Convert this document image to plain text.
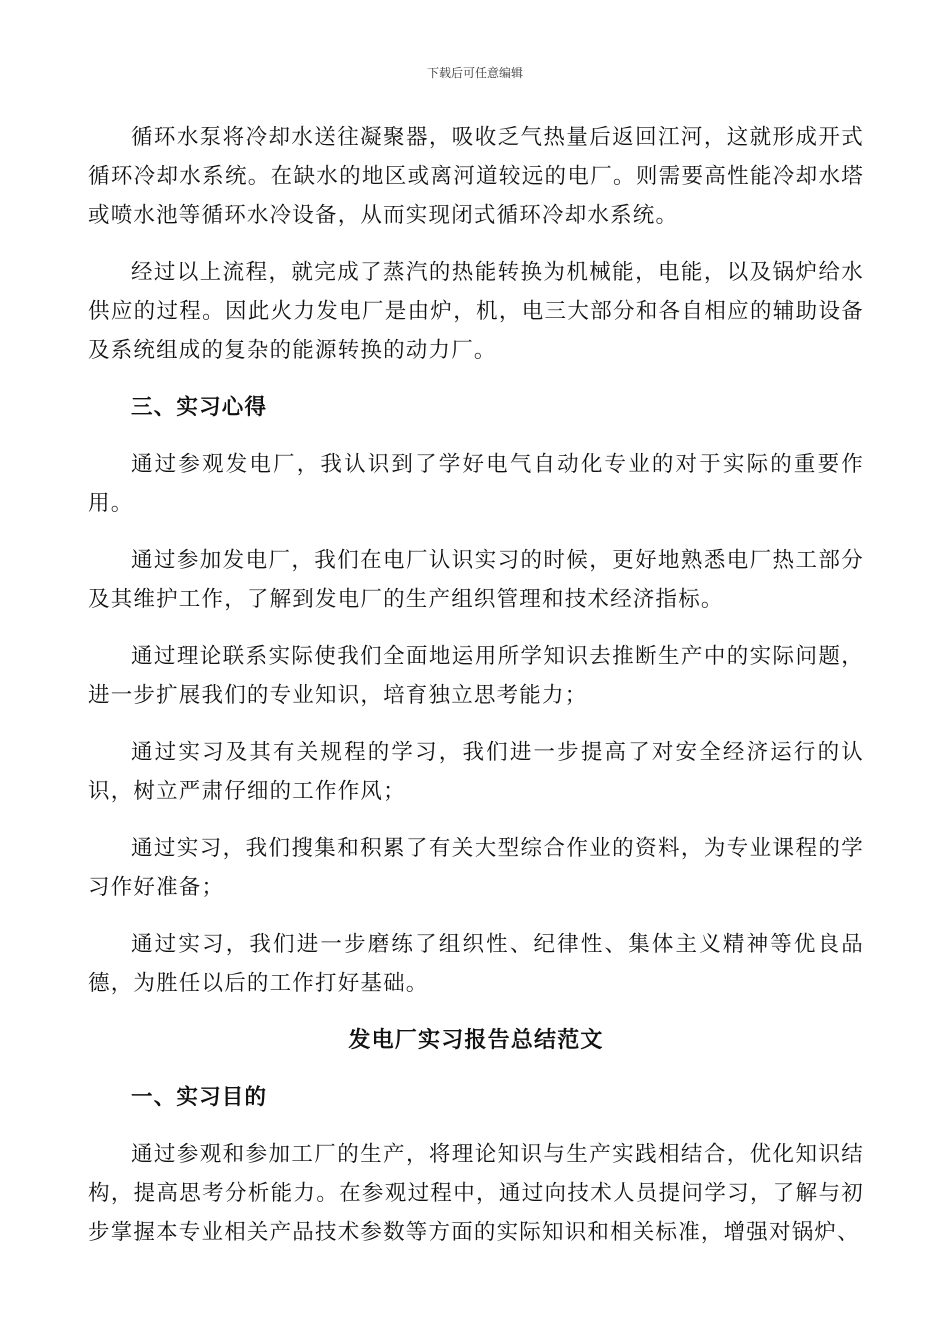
下载后可任意编辑

循环水泵将冷却水送往凝聚器，吸收乏气热量后返回江河，这就形成开式循环冷却水系统。在缺水的地区或离河道较远的电厂。则需要高性能冷却水塔或喷水池等循环水冷设备，从而实现闭式循环冷却水系统。

经过以上流程，就完成了蒸汽的热能转换为机械能，电能，以及锅炉给水供应的过程。因此火力发电厂是由炉，机，电三大部分和各自相应的辅助设备及系统组成的复杂的能源转换的动力厂。

三、实习心得

通过参观发电厂，我认识到了学好电气自动化专业的对于实际的重要作用。

通过参加发电厂，我们在电厂认识实习的时候，更好地熟悉电厂热工部分及其维护工作，了解到发电厂的生产组织管理和技术经济指标。

通过理论联系实际使我们全面地运用所学知识去推断生产中的实际问题，进一步扩展我们的专业知识，培育独立思考能力；

通过实习及其有关规程的学习，我们进一步提高了对安全经济运行的认识，树立严肃仔细的工作作风；

通过实习，我们搜集和积累了有关大型综合作业的资料，为专业课程的学习作好准备；

通过实习，我们进一步磨练了组织性、纪律性、集体主义精神等优良品德，为胜任以后的工作打好基础。

发电厂实习报告总结范文

一、实习目的

通过参观和参加工厂的生产，将理论知识与生产实践相结合，优化知识结构，提高思考分析能力。在参观过程中，通过向技术人员提问学习，了解与初步掌握本专业相关产品技术参数等方面的实际知识和相关标准，增强对锅炉、
